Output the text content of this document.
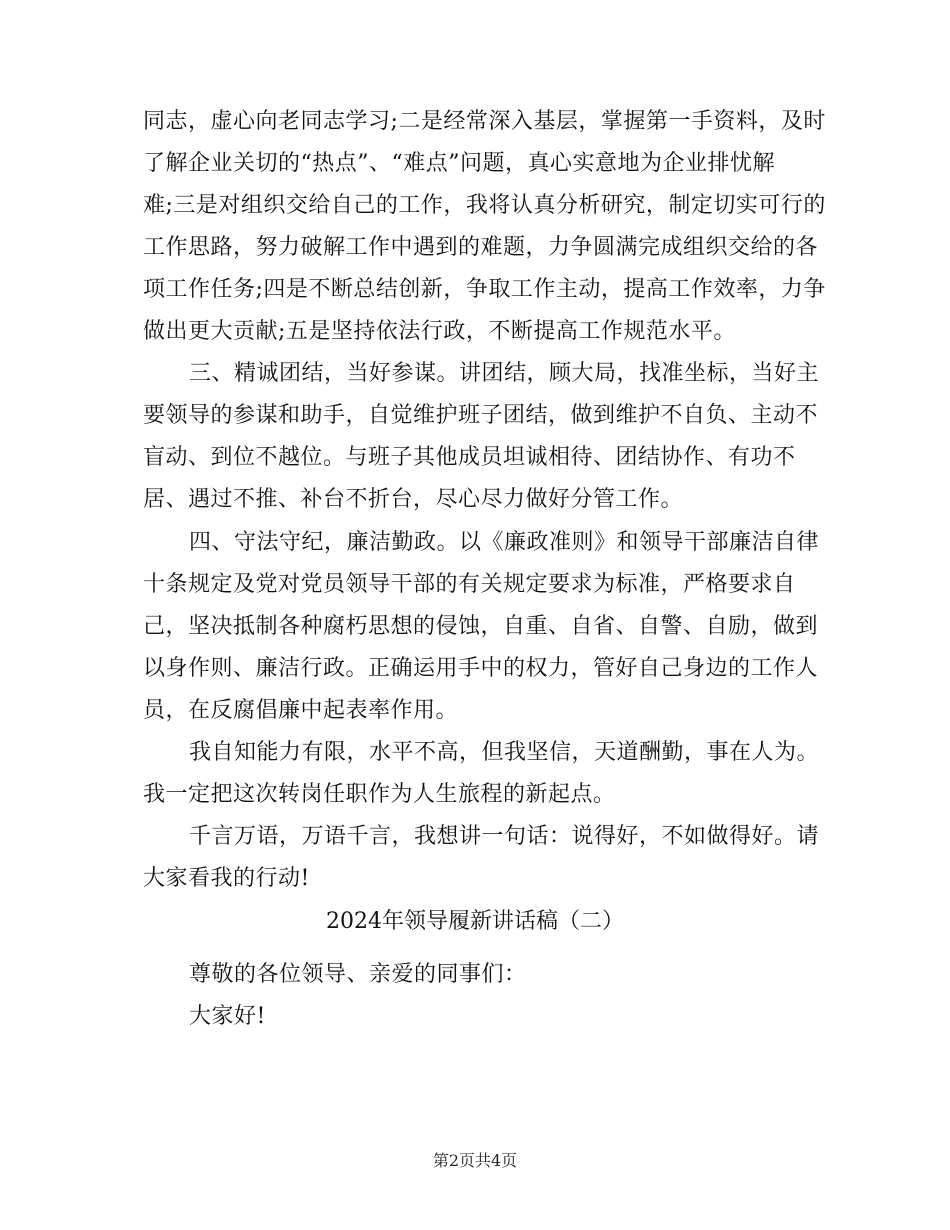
同志，虚心向老同志学习;二是经常深入基层，掌握第一手资料，及时
了解企业关切的“热点”、“难点”问题，真心实意地为企业排忧解
难;三是对组织交给自己的工作，我将认真分析研究，制定切实可行的
工作思路，努力破解工作中遇到的难题，力争圆满完成组织交给的各
项工作任务;四是不断总结创新，争取工作主动，提高工作效率，力争
做出更大贡献;五是坚持依法行政，不断提高工作规范水平。
三、精诚团结，当好参谋。讲团结，顾大局，找准坐标，当好主
要领导的参谋和助手，自觉维护班子团结，做到维护不自负、主动不
盲动、到位不越位。与班子其他成员坦诚相待、团结协作、有功不
居、遇过不推、补台不折台，尽心尽力做好分管工作。
四、守法守纪，廉洁勤政。以《廉政准则》和领导干部廉洁自律
十条规定及党对党员领导干部的有关规定要求为标准，严格要求自
己，坚决抵制各种腐朽思想的侵蚀，自重、自省、自警、自励，做到
以身作则、廉洁行政。正确运用手中的权力，管好自己身边的工作人
员，在反腐倡廉中起表率作用。
我自知能力有限，水平不高，但我坚信，天道酬勤，事在人为。
我一定把这次转岗任职作为人生旅程的新起点。
千言万语，万语千言，我想讲一句话：说得好，不如做得好。请
大家看我的行动!
2024年领导履新讲话稿（二）
尊敬的各位领导、亲爱的同事们：
大家好!
第2页共4页
